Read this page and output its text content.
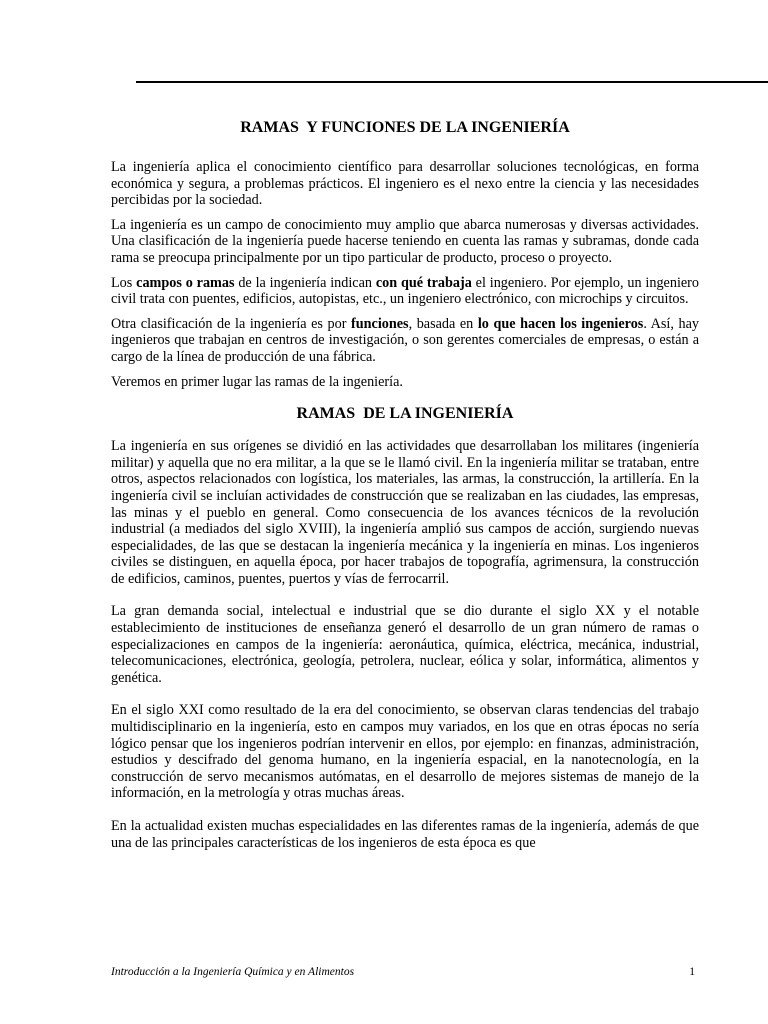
RAMAS  Y FUNCIONES DE LA INGENIERÍA

La ingeniería aplica el conocimiento científico para desarrollar soluciones tecnológicas, en forma económica y segura, a problemas prácticos. El ingeniero es el nexo entre la ciencia y las necesidades percibidas por la sociedad.

La ingeniería es un campo de conocimiento muy amplio que abarca numerosas y diversas actividades. Una clasificación de la ingeniería puede hacerse teniendo en cuenta las ramas y subramas, donde cada rama se preocupa principalmente por un tipo particular de producto, proceso o proyecto.

Los campos o ramas de la ingeniería indican con qué trabaja el ingeniero. Por ejemplo, un ingeniero civil trata con puentes, edificios, autopistas, etc., un ingeniero electrónico, con microchips y circuitos.

Otra clasificación de la ingeniería es por funciones, basada en lo que hacen los ingenieros. Así, hay ingenieros que trabajan en centros de investigación, o son gerentes comerciales de empresas, o están a cargo de la línea de producción de una fábrica.

Veremos en primer lugar las ramas de la ingeniería.

RAMAS  DE LA INGENIERÍA

La ingeniería en sus orígenes se dividió en las actividades que desarrollaban los militares (ingeniería militar) y aquella que no era militar, a la que se le llamó civil. En la ingeniería militar se trataban, entre otros, aspectos relacionados con logística, los materiales, las armas, la construcción, la artillería. En la ingeniería civil se incluían actividades de construcción que se realizaban en las ciudades, las empresas, las minas y el pueblo en general. Como consecuencia de los avances técnicos de la revolución industrial (a mediados del siglo XVIII), la ingeniería amplió sus campos de acción, surgiendo nuevas especialidades, de las que se destacan la ingeniería mecánica y la ingeniería en minas. Los ingenieros civiles se distinguen, en aquella época, por hacer trabajos de topografía, agrimensura, la construcción de edificios, caminos, puentes, puertos y vías de ferrocarril.

La gran demanda social, intelectual e industrial que se dio durante el siglo XX y el notable establecimiento de instituciones de enseñanza generó el desarrollo de un gran número de ramas o especializaciones en campos de la ingeniería: aeronáutica, química, eléctrica, mecánica, industrial, telecomunicaciones, electrónica, geología, petrolera, nuclear, eólica y solar, informática, alimentos y genética.

En el siglo XXI como resultado de la era del conocimiento, se observan claras tendencias del trabajo multidisciplinario en la ingeniería, esto en campos muy variados, en los que en otras épocas no sería lógico pensar que los ingenieros podrían intervenir en ellos, por ejemplo: en finanzas, administración, estudios y descifrado del genoma humano, en la ingeniería espacial, en la nanotecnología, en la construcción de servo mecanismos autómatas, en el desarrollo de mejores sistemas de manejo de la información, en la metrología y otras muchas áreas.

En la actualidad existen muchas especialidades en las diferentes ramas de la ingeniería, además de que una de las principales características de los ingenieros de esta época es que

Introducción a la Ingeniería Química y en Alimentos	1
